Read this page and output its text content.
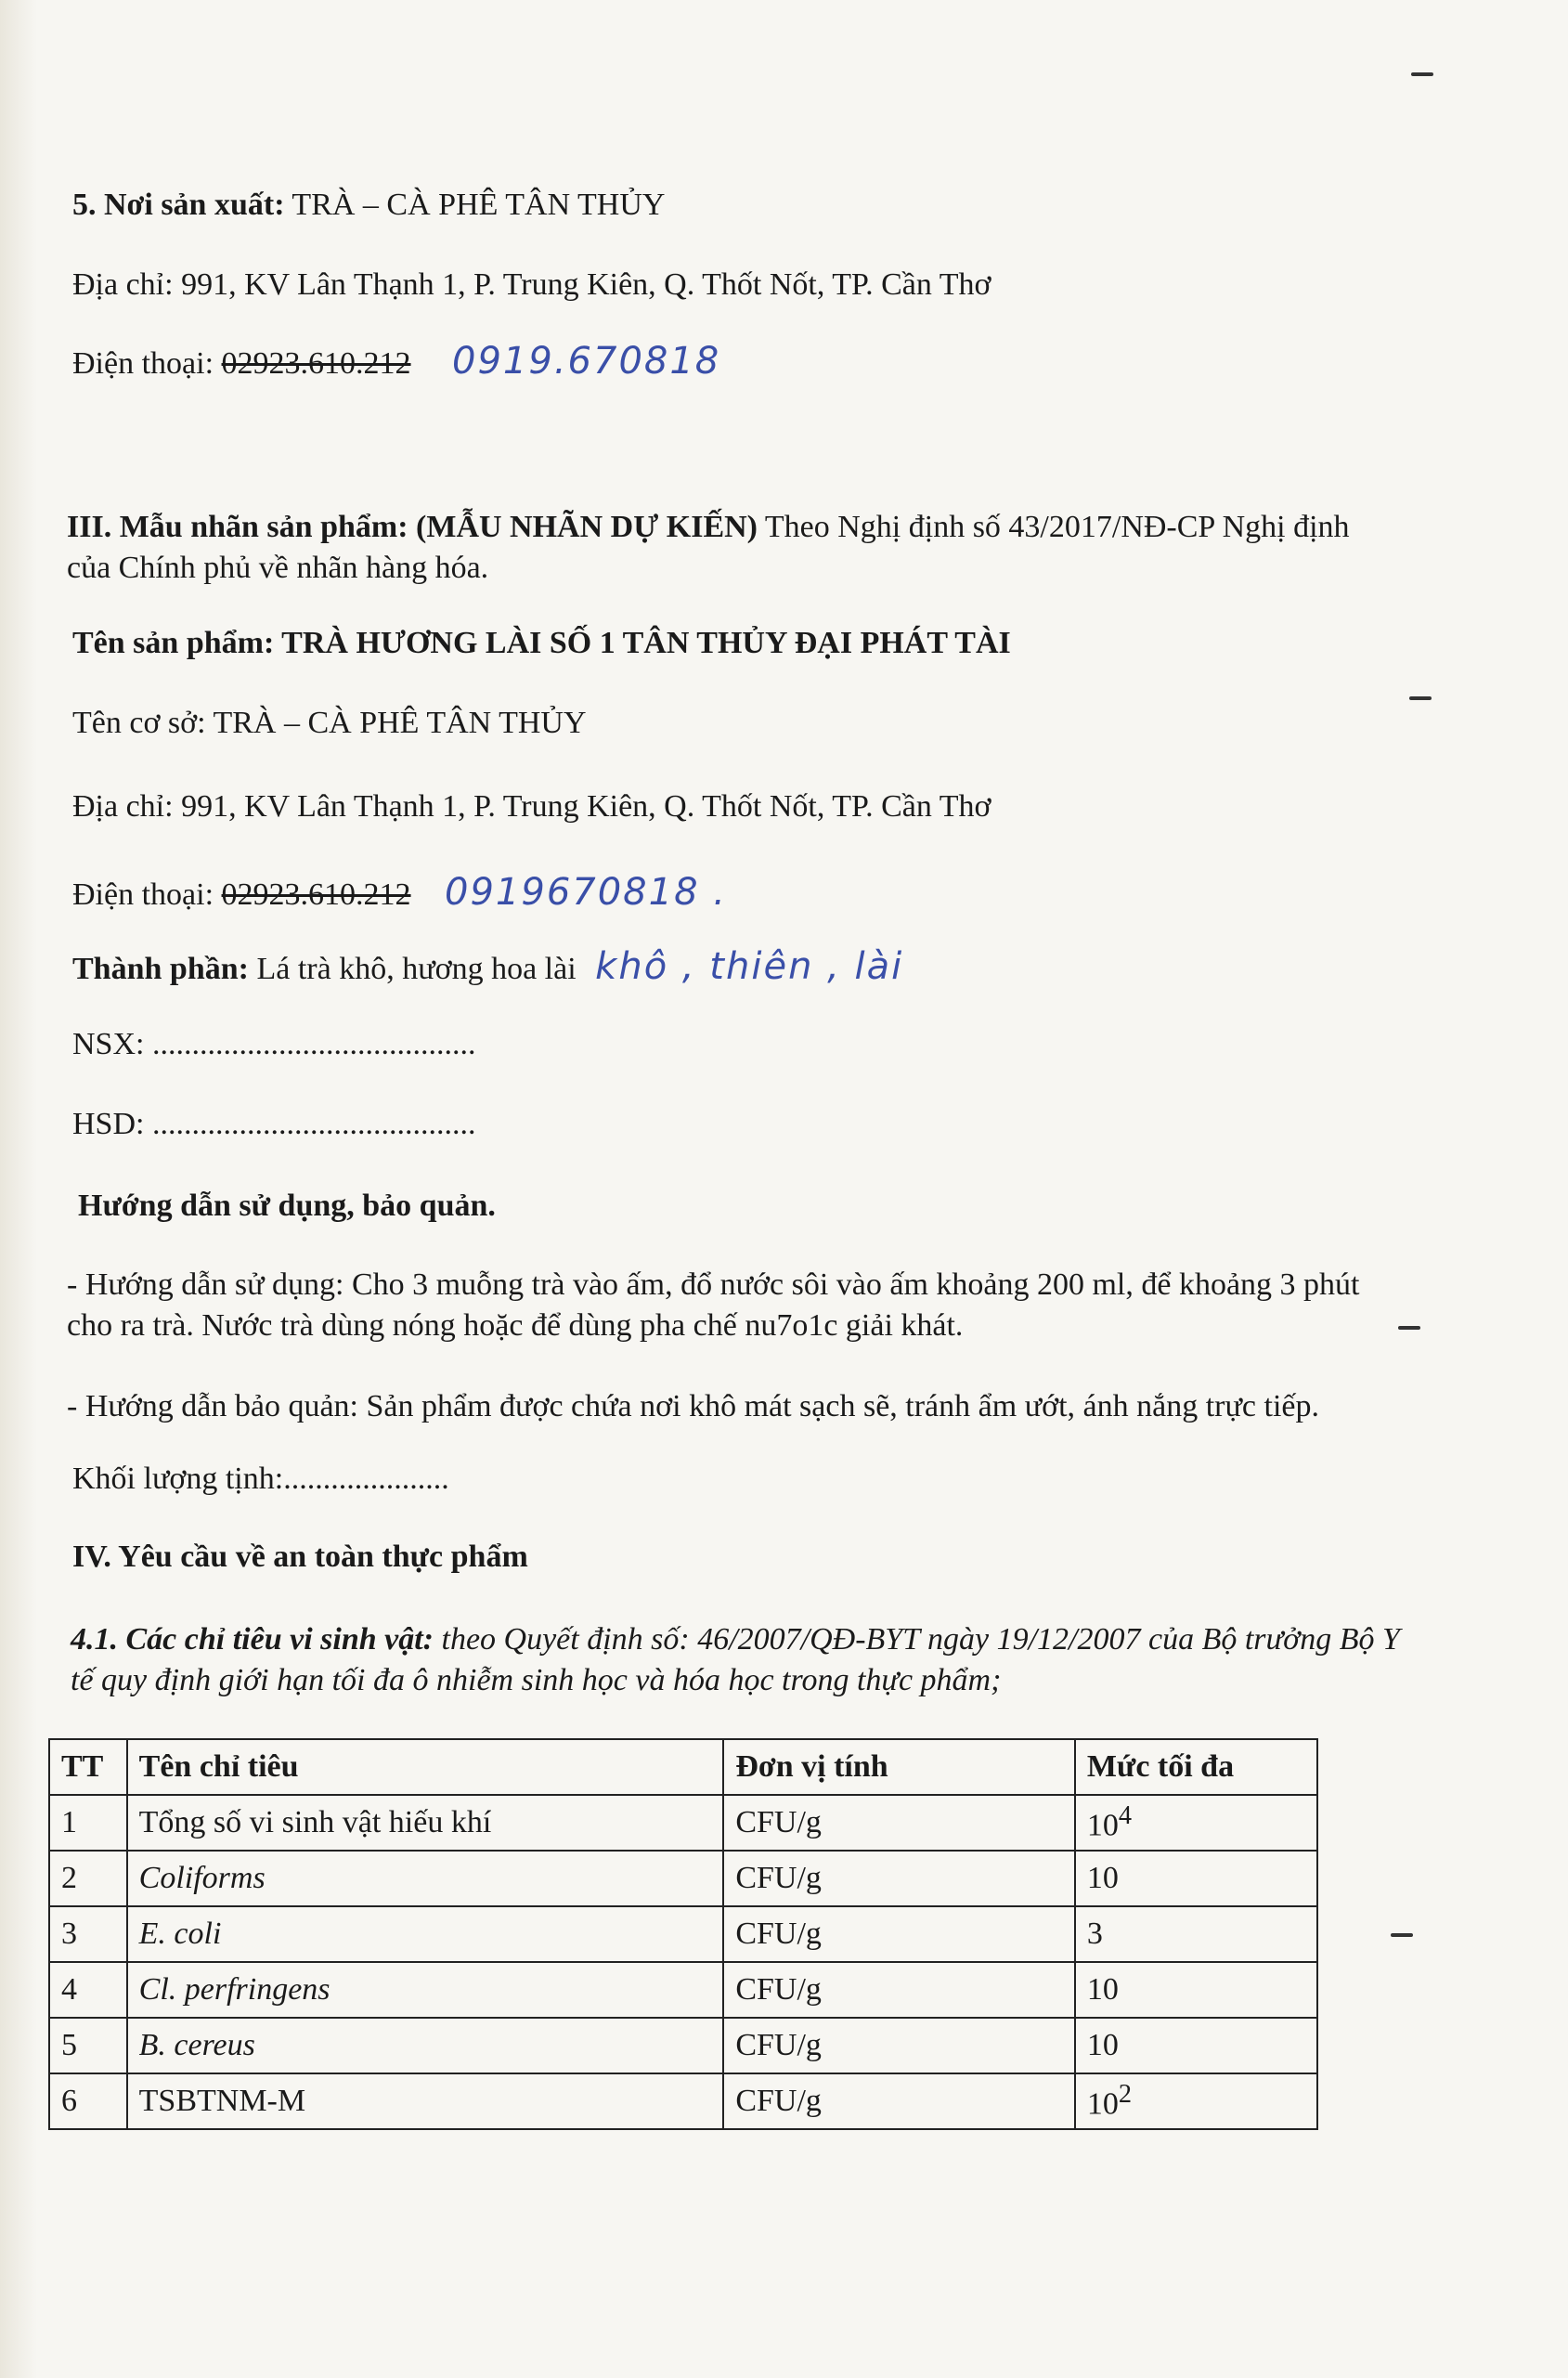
5. Nơi sản xuất: TRÀ – CÀ PHÊ TÂN THỦY
Địa chỉ: 991, KV Lân Thạnh 1, P. Trung Kiên, Q. Thốt Nốt, TP. Cần Thơ
Điện thoại: 02923.610.212 0919.670818
III. Mẫu nhãn sản phẩm: (MẪU NHÃN DỰ KIẾN) Theo Nghị định số 43/2017/NĐ-CP Nghị định
của Chính phủ về nhãn hàng hóa.
Tên sản phẩm: TRÀ HƯƠNG LÀI SỐ 1 TÂN THỦY ĐẠI PHÁT TÀI
Tên cơ sở: TRÀ – CÀ PHÊ TÂN THỦY
Địa chỉ: 991, KV Lân Thạnh 1, P. Trung Kiên, Q. Thốt Nốt, TP. Cần Thơ
Điện thoại: 02923.610.212 0919670818 .
Thành phần: Lá trà khô, hương hoa lài khô , thiên , lài
NSX: .........................................
HSD: .........................................
Hướng dẫn sử dụng, bảo quản.
- Hướng dẫn sử dụng: Cho 3 muỗng trà vào ấm, đổ nước sôi vào ấm khoảng 200 ml, để khoảng 3 phút
cho ra trà. Nước trà dùng nóng hoặc để dùng pha chế nu7o1c giải khát.
- Hướng dẫn bảo quản: Sản phẩm được chứa nơi khô mát sạch sẽ, tránh ẩm ướt, ánh nắng trực tiếp.
Khối lượng tịnh:.....................
IV. Yêu cầu về an toàn thực phẩm
4.1. Các chỉ tiêu vi sinh vật: theo Quyết định số: 46/2007/QĐ-BYT ngày 19/12/2007 của Bộ trưởng Bộ Y
tế quy định giới hạn tối đa ô nhiễm sinh học và hóa học trong thực phẩm;
TT	Tên chỉ tiêu	Đơn vị tính	Mức tối đa
1	Tổng số vi sinh vật hiếu khí	CFU/g	$10^4$
2	Coliforms	CFU/g	10
3	E. coli	CFU/g	3
4	Cl. perfringens	CFU/g	10
5	B. cereus	CFU/g	10
6	TSBTNM-M	CFU/g	$10^2$
